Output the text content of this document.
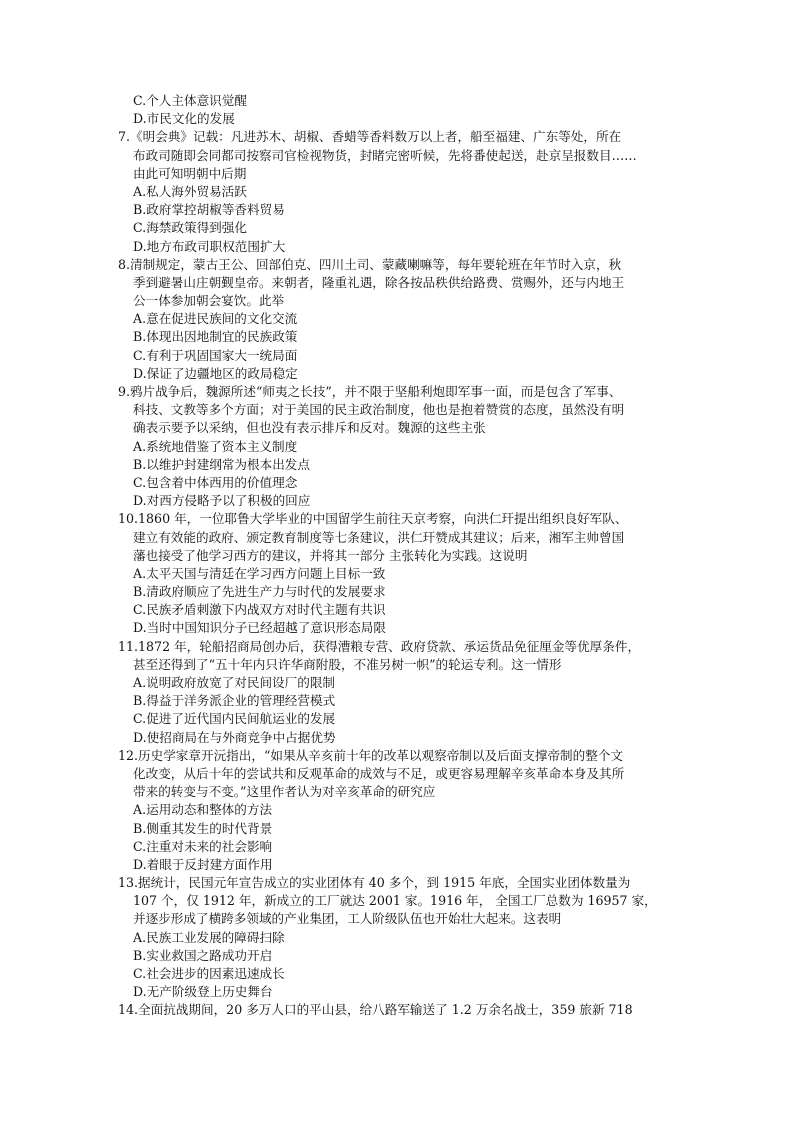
C.个人主体意识觉醒
D.市民文化的发展
7.《明会典》记载：凡进苏木、胡椒、香蜡等香料数万以上者，船至福建、广东等处，所在
布政司随即会同都司按察司官检视物货，封睹完密听候，先将番使起送，赴京呈报数目……
由此可知明朝中后期
A.私人海外贸易活跃
B.政府掌控胡椒等香料贸易
C.海禁政策得到强化
D.地方布政司职权范围扩大
8.清制规定，蒙古王公、回部伯克、四川土司、蒙藏喇嘛等，每年要轮班在年节时入京，秋
季到避暑山庄朝觐皇帝。来朝者，隆重礼遇，除各按品秩供给路费、赏赐外，还与内地王
公一体参加朝会宴饮。此举
A.意在促进民族间的文化交流
B.体现出因地制宜的民族政策
C.有利于巩固国家大一统局面
D.保证了边疆地区的政局稳定
9.鸦片战争后，魏源所述“师夷之长技”，并不限于坚船利炮即军事一面，而是包含了军事、
科技、文教等多个方面；对于美国的民主政治制度，他也是抱着赞赏的态度，虽然没有明
确表示要予以采纳，但也没有表示排斥和反对。魏源的这些主张
A.系统地借鉴了资本主义制度
B.以维护封建纲常为根本出发点
C.包含着中体西用的价值理念
D.对西方侵略予以了积极的回应
10.1860 年，一位耶鲁大学毕业的中国留学生前往天京考察，向洪仁玕提出组织良好军队、
建立有效能的政府、颁定教育制度等七条建议，洪仁玕赞成其建议；后来，湘军主帅曾国
藩也接受了他学习西方的建议，并将其一部分 主张转化为实践。这说明
A.太平天国与清廷在学习西方问题上目标一致
B.清政府顺应了先进生产力与时代的发展要求
C.民族矛盾刺激下内战双方对时代主题有共识
D.当时中国知识分子已经超越了意识形态局限
11.1872 年，轮船招商局创办后，获得漕粮专营、政府贷款、承运货品免征厘金等优厚条件，
甚至还得到了“五十年内只许华商附股，不准另树一帜”的轮运专利。这一情形
A.说明政府放宽了对民间设厂的限制
B.得益于洋务派企业的管理经营模式
C.促进了近代国内民间航运业的发展
D.使招商局在与外商竞争中占据优势
12.历史学家章开沅指出，“如果从辛亥前十年的改革以观察帝制以及后面支撑帝制的整个文
化改变，从后十年的尝试共和反观革命的成效与不足，或更容易理解辛亥革命本身及其所
带来的转变与不变。”这里作者认为对辛亥革命的研究应
A.运用动态和整体的方法
B.侧重其发生的时代背景
C.注重对未来的社会影响
D.着眼于反封建方面作用
13.据统计，民国元年宣告成立的实业团体有 40 多个，到 1915 年底，全国实业团体数量为
107 个，仅 1912 年，新成立的工厂就达 2001 家。1916 年， 全国工厂总数为 16957 家，
并逐步形成了横跨多领域的产业集团，工人阶级队伍也开始壮大起来。这表明
A.民族工业发展的障碍扫除
B.实业救国之路成功开启
C.社会进步的因素迅速成长
D.无产阶级登上历史舞台
14.全面抗战期间，20 多万人口的平山县，给八路军输送了 1.2 万余名战士，359 旅新 718
